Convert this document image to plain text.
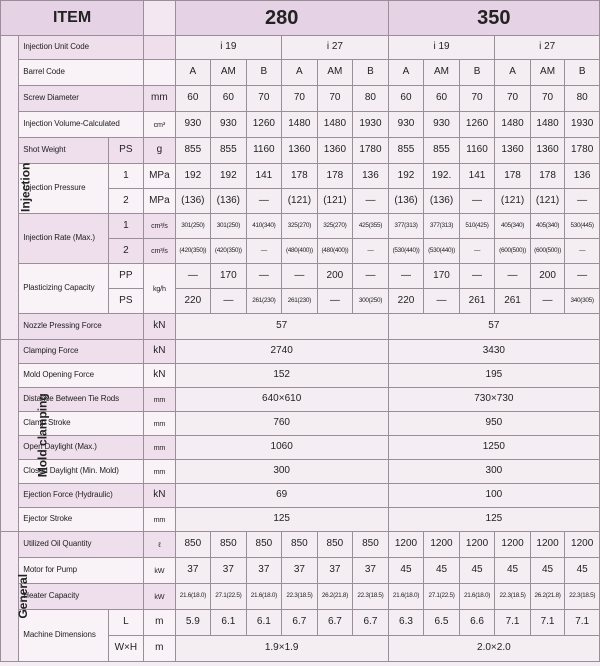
ITEM				280						350					
Injection	Injection Unit Code			i 19			i 27			i 19			i 27		
	Barrel Code			A	AM	B	A	AM	B	A	AM	B	A	AM	B
	Screw Diameter		mm	60	60	70	70	70	80	60	60	70	70	70	80
	Injection Volume-Calculated		cm³	930	930	1260	1480	1480	1930	930	930	1260	1480	1480	1930
	Shot Weight	PS	g	855	855	1160	1360	1360	1780	855	855	1160	1360	1360	1780
	Injection Pressure	1	MPa	192	192	141	178	178	136	192	192.	141	178	178	136
		2	MPa	(136)	(136)	—	(121)	(121)	—	(136)	(136)	—	(121)	(121)	—
	Injection Rate (Max.)	1	cm³/s	301(250)	301(250)	410(340)	325(270)	325(270)	425(355)	377(313)	377(313)	510(425)	405(340)	405(340)	530(445)
		2	cm³/s	(420(350))	(420(350))	—	(480(400))	(480(400))	—	(530(440))	(530(440))	—	(600(500))	(600(500))	—
	Plasticizing Capacity	PP	kg/h	—	170	—	—	200	—	—	170	—	—	200	—
		PS		220	—	261(230)	261(230)	—	300(250)	220	—	261	261	—	340(305)
	Nozzle Pressing Force		kN	57						57					
Mold clamping	Clamping Force		kN	2740						3430					
	Mold Opening Force		kN	152						195					
	Distance Between Tie Rods		mm	640×610						730×730					
	Clamp Stroke		mm	760						950					
	Open Daylight (Max.)		mm	1060						1250					
	Closed Daylight (Min. Mold)		mm	300						300					
	Ejection Force (Hydraulic)		kN	69						100					
	Ejector Stroke		mm	125						125					
General	Utilized Oil Quantity		ℓ	850	850	850	850	850	850	1200	1200	1200	1200	1200	1200
	Motor for Pump		kW	37	37	37	37	37	37	45	45	45	45	45	45
	Heater Capacity		kW	21.6(18.0)	27.1(22.5)	21.6(18.0)	22.3(18.5)	26.2(21.8)	22.3(18.5)	21.6(18.0)	27.1(22.5)	21.6(18.0)	22.3(18.5)	26.2(21.8)	22.3(18.5)
	Machine Dimensions	L	m	5.9	6.1	6.1	6.7	6.7	6.7	6.3	6.5	6.6	7.1	7.1	7.1
		W×H	m	1.9×1.9						2.0×2.0					
